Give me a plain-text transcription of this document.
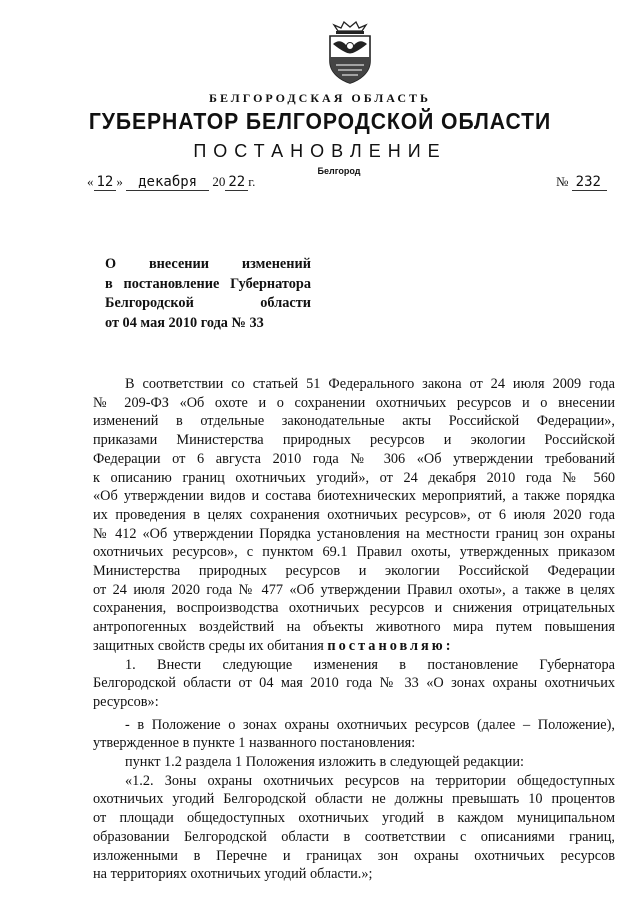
БЕЛГОРОДСКАЯ ОБЛАСТЬ
ГУБЕРНАТОР БЕЛГОРОДСКОЙ ОБЛАСТИ
ПОСТАНОВЛЕНИЕ
Белгород
« 12 » декабря 20 22 г.	№ 232
О внесении изменений
в постановление Губернатора
Белгородской области
от 04 мая 2010 года № 33
В соответствии со статьей 51 Федерального закона от 24 июля 2009 года
№ 209-ФЗ «Об охоте и о сохранении охотничьих ресурсов и о внесении
изменений в отдельные законодательные акты Российской Федерации»,
приказами Министерства природных ресурсов и экологии Российской
Федерации от 6 августа 2010 года № 306 «Об утверждении требований
к описанию границ охотничьих угодий», от 24 декабря 2010 года № 560
«Об утверждении видов и состава биотехнических мероприятий, а также порядка
их проведения в целях сохранения охотничьих ресурсов», от 6 июля 2020 года
№ 412 «Об утверждении Порядка установления на местности границ зон охраны
охотничьих ресурсов», с пунктом 69.1 Правил охоты, утвержденных приказом
Министерства природных ресурсов и экологии Российской Федерации
от 24 июля 2020 года № 477 «Об утверждении Правил охоты», а также в целях
сохранения, воспроизводства охотничьих ресурсов и снижения отрицательных
антропогенных воздействий на объекты животного мира путем повышения
защитных свойств среды их обитания постановляю:
1. Внести следующие изменения в постановление Губернатора
Белгородской области от 04 мая 2010 года № 33 «О зонах охраны охотничьих
ресурсов»:
- в Положение о зонах охраны охотничьих ресурсов (далее – Положение),
утвержденное в пункте 1 названного постановления:
пункт 1.2 раздела 1 Положения изложить в следующей редакции:
«1.2. Зоны охраны охотничьих ресурсов на территории общедоступных
охотничьих угодий Белгородской области не должны превышать 10 процентов
от площади общедоступных охотничьих угодий в каждом муниципальном
образовании Белгородской области в соответствии с описаниями границ,
изложенными в Перечне и границах зон охраны охотничьих ресурсов
на территориях охотничьих угодий области.»;
